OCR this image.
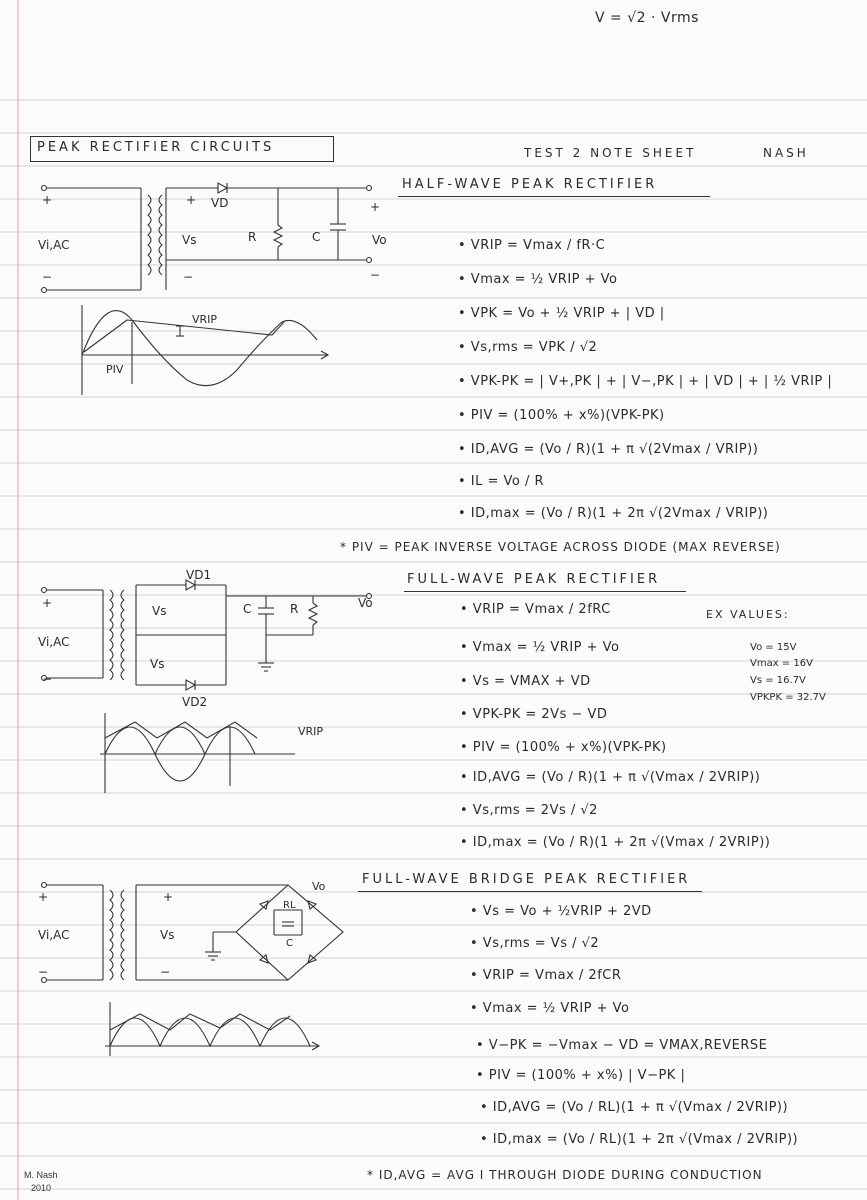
V = √2 · Vrms
PEAK RECTIFIER CIRCUITS	TEST 2 NOTE SHEET	NASH
HALF-WAVE PEAK RECTIFIER
+
−
Vi,AC
+
−
VD
Vs	R	C	Vo
+
−
VRIP
PIV
• VRIP = Vmax / fR·C
• Vmax = ½ VRIP + Vo
• VPK = Vo + ½ VRIP + | VD |
• Vs,rms = VPK / √2
• VPK-PK = | V+,PK | + | V−,PK | + | VD | + | ½ VRIP |
• PIV = (100% + x%)(VPK-PK)
• ID,AVG = (Vo / R)(1 + π √(2Vmax / VRIP))
• IL = Vo / R
• ID,max = (Vo / R)(1 + 2π √(2Vmax / VRIP))
* PIV = PEAK INVERSE VOLTAGE ACROSS DIODE (MAX REVERSE)
FULL-WAVE PEAK RECTIFIER
+
−
Vi,AC
VD1
VD2
Vs
Vs
C	R	Vo
VRIP
• VRIP = Vmax / 2fRC
• Vmax = ½ VRIP + Vo
• Vs = VMAX + VD
• VPK-PK = 2Vs − VD
• PIV = (100% + x%)(VPK-PK)
• ID,AVG = (Vo / R)(1 + π √(Vmax / 2VRIP))
• Vs,rms = 2Vs / √2
• ID,max = (Vo / R)(1 + 2π √(Vmax / 2VRIP))
EX VALUES:
Vo = 15V
Vmax = 16V
Vs = 16.7V
VPKPK = 32.7V
FULL-WAVE BRIDGE PEAK RECTIFIER
+
−
Vi,AC
+
−
Vs
Vo
RL
C
• Vs = Vo + ½VRIP + 2VD
• Vs,rms = Vs / √2
• VRIP = Vmax / 2fCR
• Vmax = ½ VRIP + Vo
• V−PK = −Vmax − VD = VMAX,REVERSE
• PIV = (100% + x%) | V−PK |
• ID,AVG = (Vo / RL)(1 + π √(Vmax / 2VRIP))
• ID,max = (Vo / RL)(1 + 2π √(Vmax / 2VRIP))
* ID,AVG = AVG I THROUGH DIODE DURING CONDUCTION
M. Nash
2010
